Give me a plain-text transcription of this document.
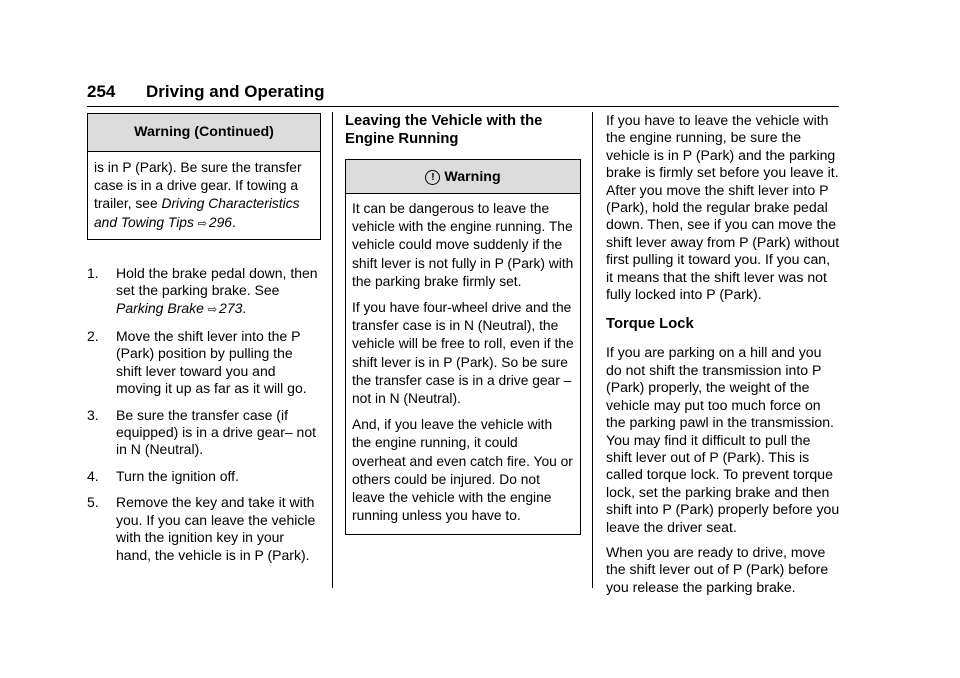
254 Driving and Operating
Warning (Continued)
is in P (Park). Be sure the transfer case is in a drive gear. If towing a trailer, see Driving Characteristics and Towing Tips ⇨ 296.
1.	Hold the brake pedal down, then set the parking brake. See Parking Brake ⇨ 273.
2.	Move the shift lever into the P (Park) position by pulling the shift lever toward you and moving it up as far as it will go.
3.	Be sure the transfer case (if equipped) is in a drive gear– not in N (Neutral).
4.	Turn the ignition off.
5.	Remove the key and take it with you. If you can leave the vehicle with the ignition key in your hand, the vehicle is in P (Park).
Leaving the Vehicle with the Engine Running
! Warning

It can be dangerous to leave the vehicle with the engine running. The vehicle could move suddenly if the shift lever is not fully in P (Park) with the parking brake firmly set.

If you have four-wheel drive and the transfer case is in N (Neutral), the vehicle will be free to roll, even if the shift lever is in P (Park). So be sure the transfer case is in a drive gear – not in N (Neutral).

And, if you leave the vehicle with the engine running, it could overheat and even catch fire. You or others could be injured. Do not leave the vehicle with the engine running unless you have to.

If you have to leave the vehicle with the engine running, be sure the vehicle is in P (Park) and the parking brake is firmly set before you leave it. After you move the shift lever into P (Park), hold the regular brake pedal down. Then, see if you can move the shift lever away from P (Park) without first pulling it toward you. If you can, it means that the shift lever was not fully locked into P (Park).

Torque Lock

If you are parking on a hill and you do not shift the transmission into P (Park) properly, the weight of the vehicle may put too much force on the parking pawl in the transmission. You may find it difficult to pull the shift lever out of P (Park). This is called torque lock. To prevent torque lock, set the parking brake and then shift into P (Park) properly before you leave the driver seat.

When you are ready to drive, move the shift lever out of P (Park) before you release the parking brake.
